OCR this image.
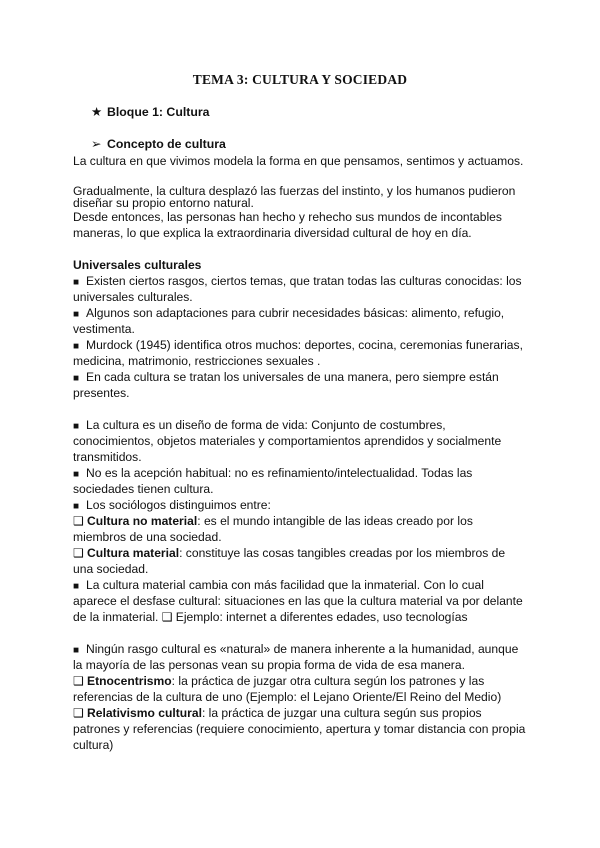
TEMA 3: CULTURA Y SOCIEDAD
★ Bloque 1: Cultura
➢ Concepto de cultura
La cultura en que vivimos modela la forma en que pensamos, sentimos y actuamos.
Gradualmente, la cultura desplazó las fuerzas del instinto, y los humanos pudieron
diseñar su propio entorno natural.
Desde entonces, las personas han hecho y rehecho sus mundos de incontables
maneras, lo que explica la extraordinaria diversidad cultural de hoy en día.
Universales culturales
■ Existen ciertos rasgos, ciertos temas, que tratan todas las culturas conocidas: los
universales culturales.
■ Algunos son adaptaciones para cubrir necesidades básicas: alimento, refugio,
vestimenta.
■ Murdock (1945) identifica otros muchos: deportes, cocina, ceremonias funerarias,
medicina, matrimonio, restricciones sexuales .
■ En cada cultura se tratan los universales de una manera, pero siempre están
presentes.
■ La cultura es un diseño de forma de vida: Conjunto de costumbres,
conocimientos, objetos materiales y comportamientos aprendidos y socialmente
transmitidos.
■ No es la acepción habitual: no es refinamiento/intelectualidad. Todas las
sociedades tienen cultura.
■ Los sociólogos distinguimos entre:
❑ Cultura no material: es el mundo intangible de las ideas creado por los
miembros de una sociedad.
❑ Cultura material: constituye las cosas tangibles creadas por los miembros de
una sociedad.
■ La cultura material cambia con más facilidad que la inmaterial. Con lo cual
aparece el desfase cultural: situaciones en las que la cultura material va por delante
de la inmaterial. ❑ Ejemplo: internet a diferentes edades, uso tecnologías
■ Ningún rasgo cultural es «natural» de manera inherente a la humanidad, aunque
la mayoría de las personas vean su propia forma de vida de esa manera.
❑ Etnocentrismo: la práctica de juzgar otra cultura según los patrones y las
referencias de la cultura de uno (Ejemplo: el Lejano Oriente/El Reino del Medio)
❑ Relativismo cultural: la práctica de juzgar una cultura según sus propios
patrones y referencias (requiere conocimiento, apertura y tomar distancia con propia
cultura)
